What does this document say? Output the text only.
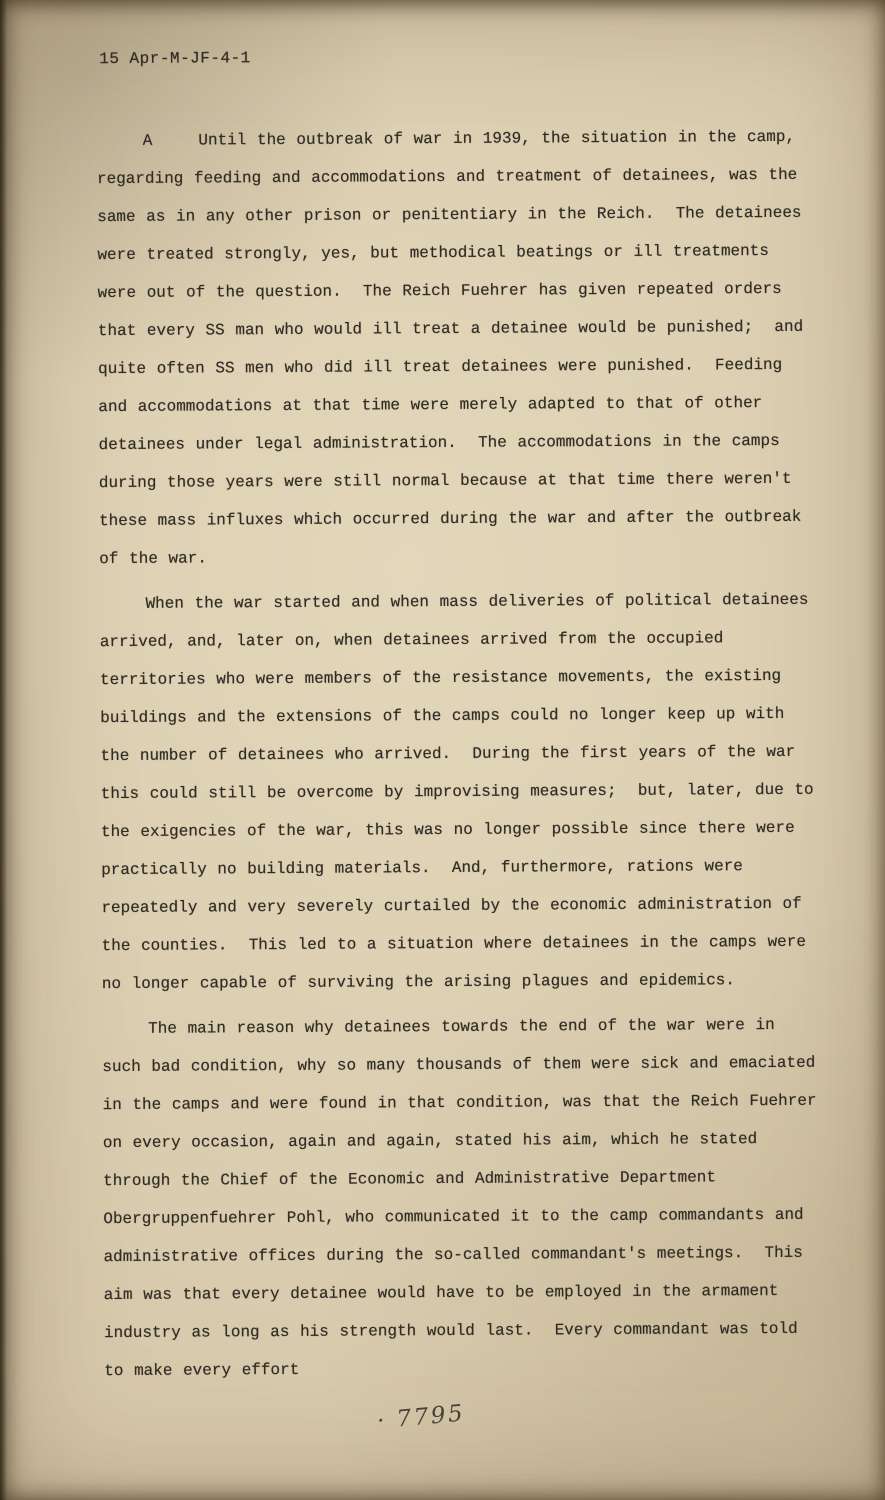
15 Apr-M-JF-4-1

A	Until the outbreak of war in 1939, the situation in the camp, regarding feeding and accommodations and treatment of detainees, was the same as in any other prison or penitentiary in the Reich.  The detainees were treated strongly, yes, but methodical beatings or ill treatments were out of the question.  The Reich Fuehrer has given repeated orders that every SS man who would ill treat a detainee would be punished;  and quite often SS men who did ill treat detainees were punished.  Feeding and accommodations at that time were merely adapted to that of other detainees under legal administration.  The accommodations in the camps during those years were still normal because at that time there weren't these mass influxes which occurred during the war and after the outbreak of the war.

When the war started and when mass deliveries of political detainees arrived, and, later on, when detainees arrived from the occupied territories who were members of the resistance movements, the existing buildings and the extensions of the camps could no longer keep up with the number of detainees who arrived.  During the first years of the war this could still be overcome by improvising measures;  but, later, due to the exigencies of the war, this was no longer possible since there were practically no building materials.  And, furthermore, rations were repeatedly and very severely curtailed by the economic administration of the counties.  This led to a situation where detainees in the camps were no longer capable of surviving the arising plagues and epidemics.

The main reason why detainees towards the end of the war were in such bad condition, why so many thousands of them were sick and emaciated in the camps and were found in that condition, was that the Reich Fuehrer on every occasion, again and again, stated his aim, which he stated through the Chief of the Economic and Administrative Department Obergruppenfuehrer Pohl, who communicated it to the camp commandants and administrative offices during the so-called commandant's meetings.  This aim was that every detainee would have to be employed in the armament industry as long as his strength would last.  Every commandant was told to make every effort

· 7795
